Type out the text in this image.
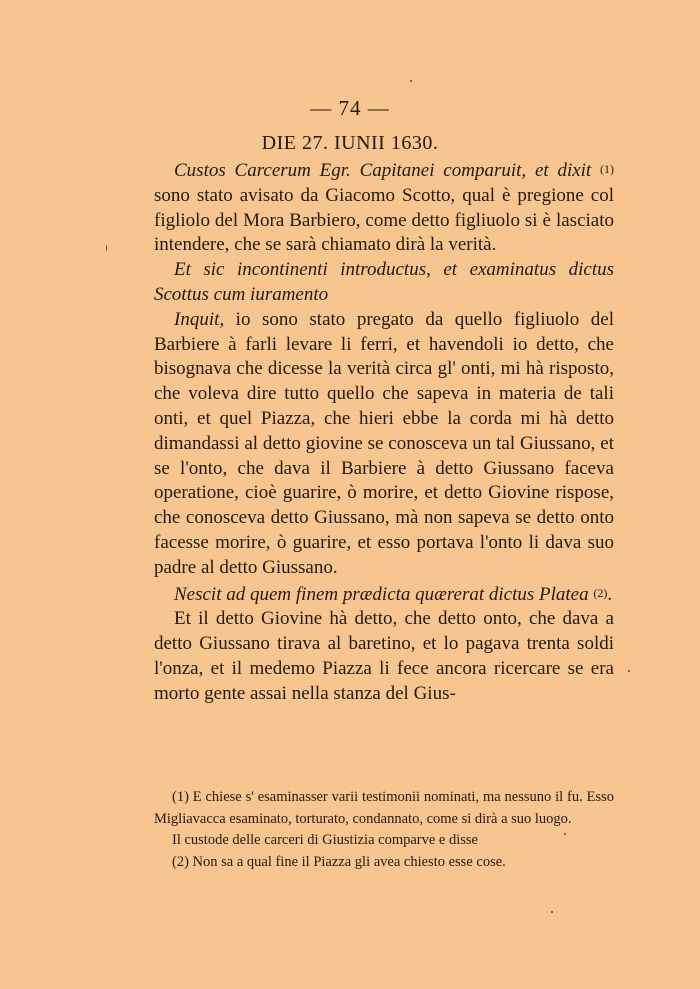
— 74 —
DIE 27. IUNII 1630.

Custos Carcerum Egr. Capitanei comparuit, et dixit (1) sono stato avisato da Giacomo Scotto, qual è pregione col figliolo del Mora Barbiero, come detto figliuolo si è lasciato intendere, che se sarà chiamato dirà la verità.

Et sic incontinenti introductus, et examinatus dictus Scottus cum iuramento

Inquit, io sono stato pregato da quello figliuolo del Barbiere à farli levare li ferri, et havendoli io detto, che bisognava che dicesse la verità circa gl' onti, mi hà risposto, che voleva dire tutto quello che sapeva in materia de tali onti, et quel Piazza, che hieri ebbe la corda mi hà detto dimandassi al detto giovine se conosceva un tal Giussano, et se l'onto, che dava il Barbiere à detto Giussano faceva operatione, cioè guarire, ò morire, et detto Giovine rispose, che conosceva detto Giussano, mà non sapeva se detto onto facesse morire, ò guarire, et esso portava l'onto li dava suo padre al detto Giussano.

Nescit ad quem finem prædicta quærerat dictus Platea (2).

Et il detto Giovine hà detto, che detto onto, che dava a detto Giussano tirava al baretino, et lo pagava trenta soldi l'onza, et il medemo Piazza li fece ancora ricercare se era morto gente assai nella stanza del Gius-

(1) E chiese s' esaminasser varii testimonii nominati, ma nessuno il fu. Esso Migliavacca esaminato, torturato, condannato, come si dirà a suo luogo.

Il custode delle carceri di Giustizia comparve e disse

(2) Non sa a qual fine il Piazza gli avea chiesto esse cose.
